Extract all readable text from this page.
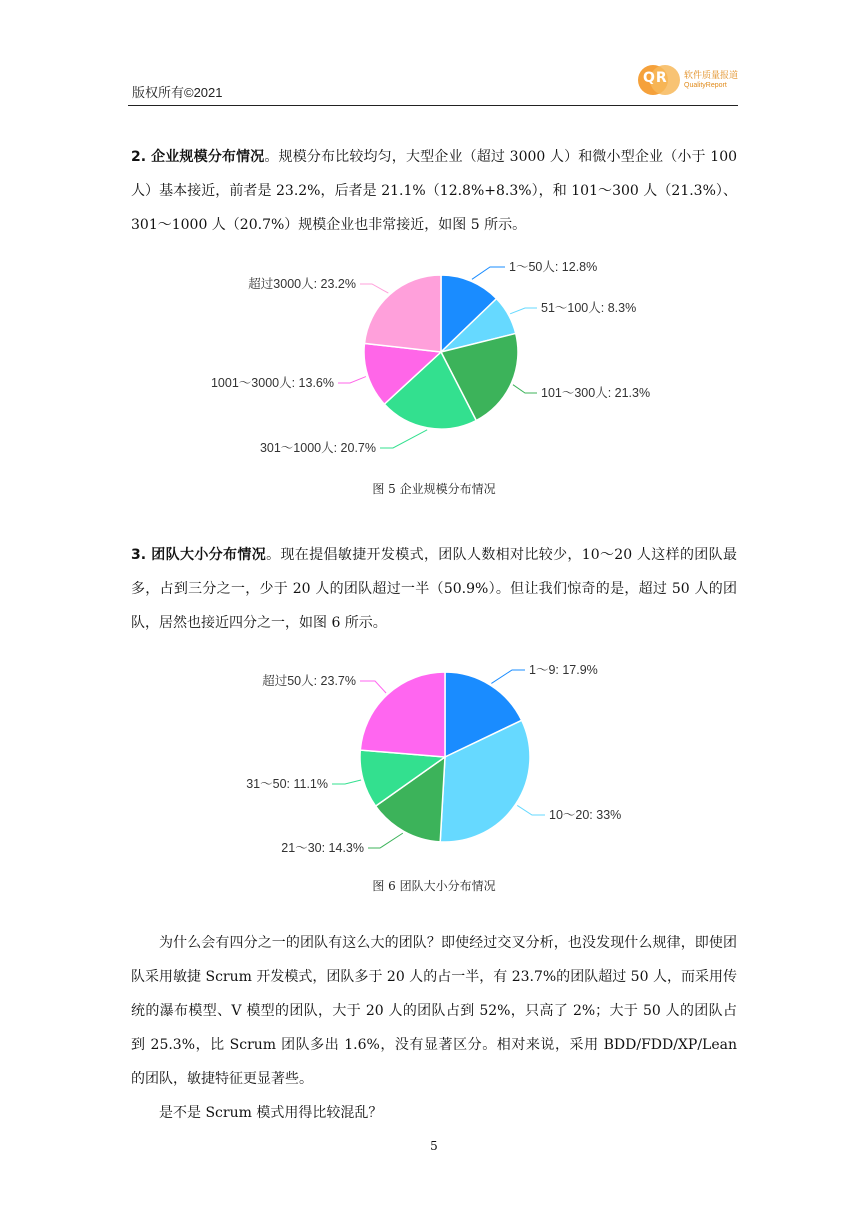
版权所有©2021
QR 软件质量报道
QualityReport
2. 企业规模分布情况。规模分布比较均匀，大型企业（超过 3000 人）和微小型企业（小于 100 人）基本接近，前者是 23.2%，后者是 21.1%（12.8%+8.3%），和 101～300 人（21.3%）、301～1000 人（20.7%）规模企业也非常接近，如图 5 所示。
1～50人: 12.8%
51～100人: 8.3%
101～300人: 21.3%
301～1000人: 20.7%
1001～3000人: 13.6%
超过3000人: 23.2%
图 5 企业规模分布情况
3. 团队大小分布情况。现在提倡敏捷开发模式，团队人数相对比较少，10～20 人这样的团队最多，占到三分之一，少于 20 人的团队超过一半（50.9%）。但让我们惊奇的是，超过 50 人的团队，居然也接近四分之一，如图 6 所示。
1～9: 17.9%
10～20: 33%
21～30: 14.3%
31～50: 11.1%
超过50人: 23.7%
图 6 团队大小分布情况
为什么会有四分之一的团队有这么大的团队？即使经过交叉分析，也没发现什么规律，即使团队采用敏捷 Scrum 开发模式，团队多于 20 人的占一半，有 23.7%的团队超过 50 人，而采用传统的瀑布模型、V 模型的团队，大于 20 人的团队占到 52%，只高了 2%；大于 50 人的团队占到 25.3%，比 Scrum 团队多出 1.6%，没有显著区分。相对来说，采用 BDD/FDD/XP/Lean 的团队，敏捷特征更显著些。
是不是 Scrum 模式用得比较混乱？
5
